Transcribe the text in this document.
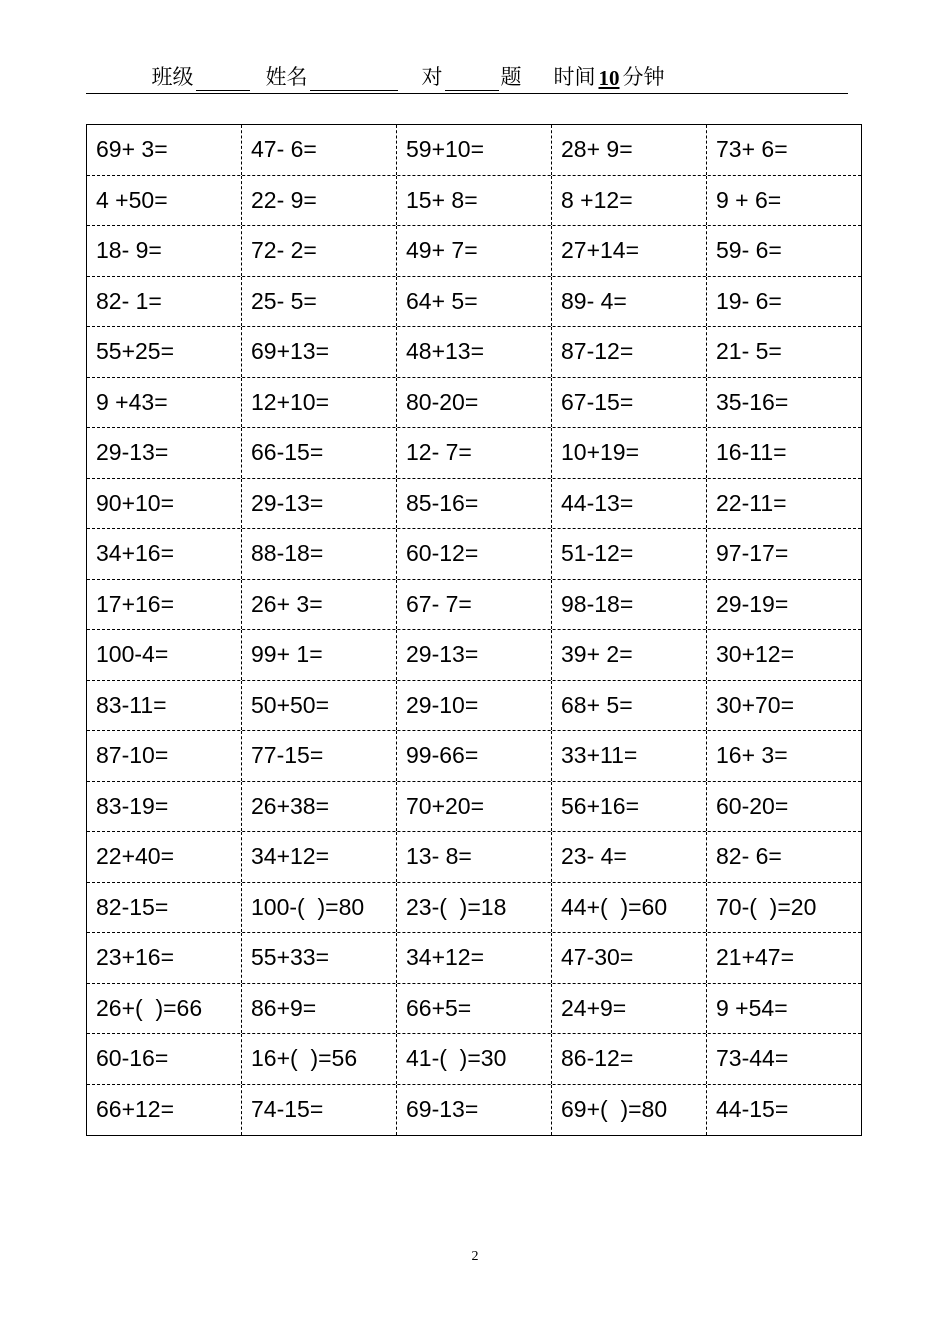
班级	姓名	对	题 时间 10 分钟
69+ 3=	47- 6=	59+10=	28+ 9=	73+ 6=
4 +50=	22- 9=	15+ 8=	8 +12=	9 + 6=
18- 9=	72- 2=	49+ 7=	27+14=	59- 6=
82- 1=	25- 5=	64+ 5=	89- 4=	19- 6=
55+25=	69+13=	48+13=	87-12=	21- 5=
9 +43=	12+10=	80-20=	67-15=	35-16=
29-13=	66-15=	12- 7=	10+19=	16-11=
90+10=	29-13=	85-16=	44-13=	22-11=
34+16=	88-18=	60-12=	51-12=	97-17=
17+16=	26+ 3=	67- 7=	98-18=	29-19=
100-4=	99+ 1=	29-13=	39+ 2=	30+12=
83-11=	50+50=	29-10=	68+ 5=	30+70=
87-10=	77-15=	99-66=	33+11=	16+ 3=
83-19=	26+38=	70+20=	56+16=	60-20=
22+40=	34+12=	13- 8=	23- 4=	82- 6=
82-15=	100-(  )=80	23-(  )=18	44+(  )=60	70-(  )=20
23+16=	55+33=	34+12=	47-30=	21+47=
26+(  )=66	86+9=	66+5=	24+9=	9 +54=
60-16=	16+(  )=56	41-(  )=30	86-12=	73-44=
66+12=	74-15=	69-13=	69+(  )=80	44-15=
2
